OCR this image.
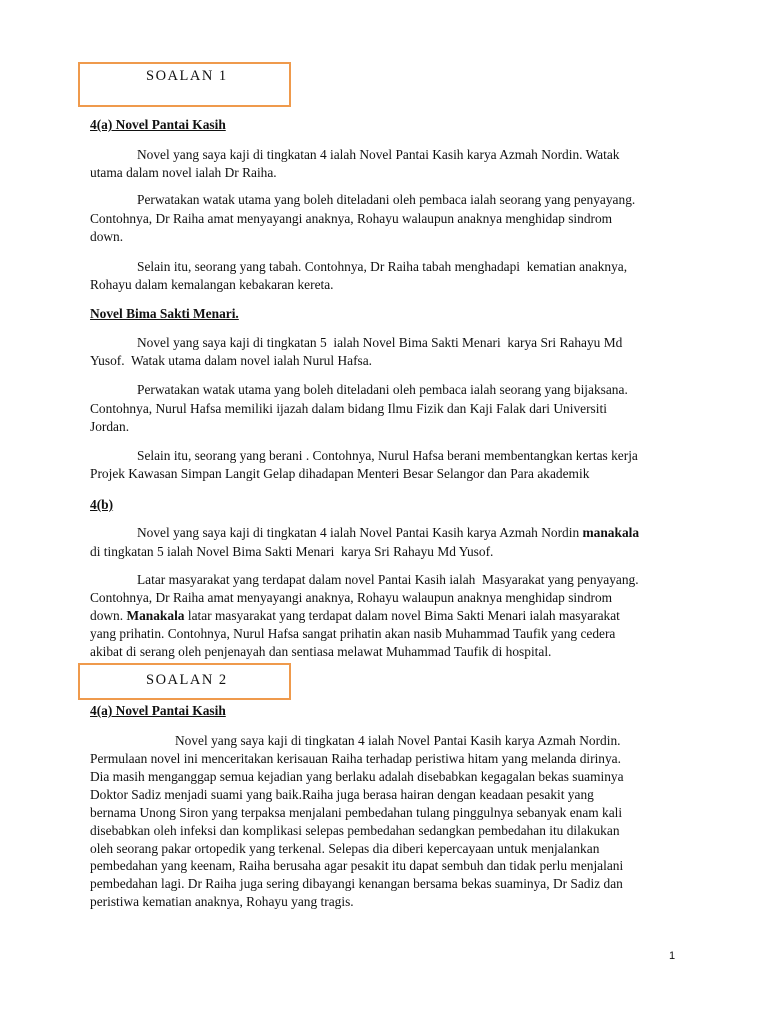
SOALAN 1
4(a) Novel Pantai Kasih
Novel yang saya kaji di tingkatan 4 ialah Novel Pantai Kasih karya Azmah Nordin. Watak
utama dalam novel ialah Dr Raiha.
Perwatakan watak utama yang boleh diteladani oleh pembaca ialah seorang yang penyayang.
Contohnya, Dr Raiha amat menyayangi anaknya, Rohayu walaupun anaknya menghidap sindrom
down.
Selain itu, seorang yang tabah. Contohnya, Dr Raiha tabah menghadapi  kematian anaknya,
Rohayu dalam kemalangan kebakaran kereta.
Novel Bima Sakti Menari.
Novel yang saya kaji di tingkatan 5  ialah Novel Bima Sakti Menari  karya Sri Rahayu Md
Yusof.  Watak utama dalam novel ialah Nurul Hafsa.
Perwatakan watak utama yang boleh diteladani oleh pembaca ialah seorang yang bijaksana.
Contohnya, Nurul Hafsa memiliki ijazah dalam bidang Ilmu Fizik dan Kaji Falak dari Universiti
Jordan.
Selain itu, seorang yang berani . Contohnya, Nurul Hafsa berani membentangkan kertas kerja
Projek Kawasan Simpan Langit Gelap dihadapan Menteri Besar Selangor dan Para akademik
4(b)
Novel yang saya kaji di tingkatan 4 ialah Novel Pantai Kasih karya Azmah Nordin manakala
di tingkatan 5 ialah Novel Bima Sakti Menari  karya Sri Rahayu Md Yusof.
Latar masyarakat yang terdapat dalam novel Pantai Kasih ialah  Masyarakat yang penyayang.
Contohnya, Dr Raiha amat menyayangi anaknya, Rohayu walaupun anaknya menghidap sindrom
down. Manakala latar masyarakat yang terdapat dalam novel Bima Sakti Menari ialah masyarakat
yang prihatin. Contohnya, Nurul Hafsa sangat prihatin akan nasib Muhammad Taufik yang cedera
akibat di serang oleh penjenayah dan sentiasa melawat Muhammad Taufik di hospital.
SOALAN 2
4(a) Novel Pantai Kasih
Novel yang saya kaji di tingkatan 4 ialah Novel Pantai Kasih karya Azmah Nordin.
Permulaan novel ini menceritakan kerisauan Raiha terhadap peristiwa hitam yang melanda dirinya.
Dia masih menganggap semua kejadian yang berlaku adalah disebabkan kegagalan bekas suaminya
Doktor Sadiz menjadi suami yang baik.Raiha juga berasa hairan dengan keadaan pesakit yang
bernama Unong Siron yang terpaksa menjalani pembedahan tulang pinggulnya sebanyak enam kali
disebabkan oleh infeksi dan komplikasi selepas pembedahan sedangkan pembedahan itu dilakukan
oleh seorang pakar ortopedik yang terkenal. Selepas dia diberi kepercayaan untuk menjalankan
pembedahan yang keenam, Raiha berusaha agar pesakit itu dapat sembuh dan tidak perlu menjalani
pembedahan lagi. Dr Raiha juga sering dibayangi kenangan bersama bekas suaminya, Dr Sadiz dan
peristiwa kematian anaknya, Rohayu yang tragis.
1
